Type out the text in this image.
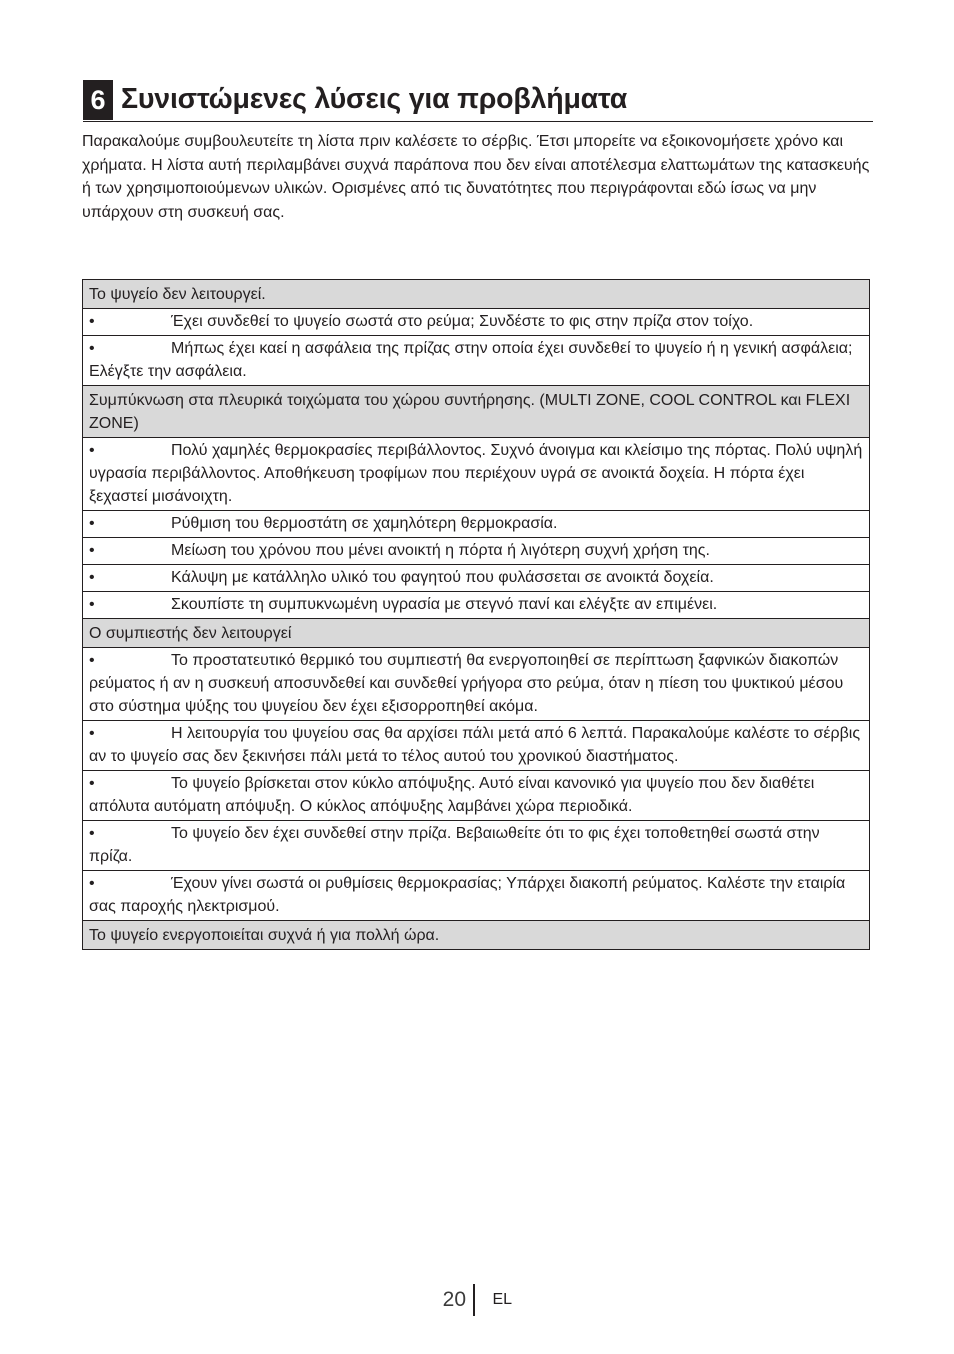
6 Συνιστώμενες λύσεις για προβλήματα

Παρακαλούμε συμβουλευτείτε τη λίστα πριν καλέσετε το σέρβις. Έτσι μπορείτε να εξοικονομήσετε χρόνο και χρήματα. Η λίστα αυτή περιλαμβάνει συχνά παράπονα που δεν είναι αποτέλεσμα ελαττωμάτων της κατασκευής ή των χρησιμοποιούμενων υλικών. Ορισμένες από τις δυνατότητες που περιγράφονται εδώ ίσως να μην υπάρχουν στη συσκευή σας.

Το ψυγείο δεν λειτουργεί.
•	Έχει συνδεθεί το ψυγείο σωστά στο ρεύμα; Συνδέστε το φις στην πρίζα στον τοίχο.
•	Μήπως έχει καεί η ασφάλεια της πρίζας στην οποία έχει συνδεθεί το ψυγείο ή η γενική ασφάλεια; Ελέγξτε την ασφάλεια.
Συμπύκνωση στα πλευρικά τοιχώματα του χώρου συντήρησης. (MULTI ZONE, COOL CONTROL και FLEXI ZONE)
•	Πολύ χαμηλές θερμοκρασίες περιβάλλοντος. Συχνό άνοιγμα και κλείσιμο της πόρτας. Πολύ υψηλή υγρασία περιβάλλοντος. Αποθήκευση τροφίμων που περιέχουν υγρά σε ανοικτά δοχεία. Η πόρτα έχει ξεχαστεί μισάνοιχτη.
•	Ρύθμιση του θερμοστάτη σε χαμηλότερη θερμοκρασία.
•	Μείωση του χρόνου που μένει ανοικτή η πόρτα ή λιγότερη συχνή χρήση της.
•	Κάλυψη με κατάλληλο υλικό του φαγητού που φυλάσσεται σε ανοικτά δοχεία.
•	Σκουπίστε τη συμπυκνωμένη υγρασία με στεγνό πανί και ελέγξτε αν επιμένει.
Ο συμπιεστής δεν λειτουργεί
•	Το προστατευτικό θερμικό του συμπιεστή θα ενεργοποιηθεί σε περίπτωση ξαφνικών διακοπών ρεύματος ή αν η συσκευή αποσυνδεθεί και συνδεθεί γρήγορα στο ρεύμα, όταν η πίεση του ψυκτικού μέσου στο σύστημα ψύξης του ψυγείου δεν έχει εξισορροπηθεί ακόμα.
•	Η λειτουργία του ψυγείου σας θα αρχίσει πάλι μετά από 6 λεπτά. Παρακαλούμε καλέστε το σέρβις αν το ψυγείο σας δεν ξεκινήσει πάλι μετά το τέλος αυτού του χρονικού διαστήματος.
•	Το ψυγείο βρίσκεται στον κύκλο απόψυξης. Αυτό είναι κανονικό για ψυγείο που δεν διαθέτει απόλυτα αυτόματη απόψυξη. Ο κύκλος απόψυξης λαμβάνει χώρα περιοδικά.
•	Το ψυγείο δεν έχει συνδεθεί στην πρίζα. Βεβαιωθείτε ότι το φις έχει τοποθετηθεί σωστά στην πρίζα.
•	Έχουν γίνει σωστά οι ρυθμίσεις θερμοκρασίας; Υπάρχει διακοπή ρεύματος. Καλέστε την εταιρία σας παροχής ηλεκτρισμού.
Το ψυγείο ενεργοποιείται συχνά ή για πολλή ώρα.
20	EL
